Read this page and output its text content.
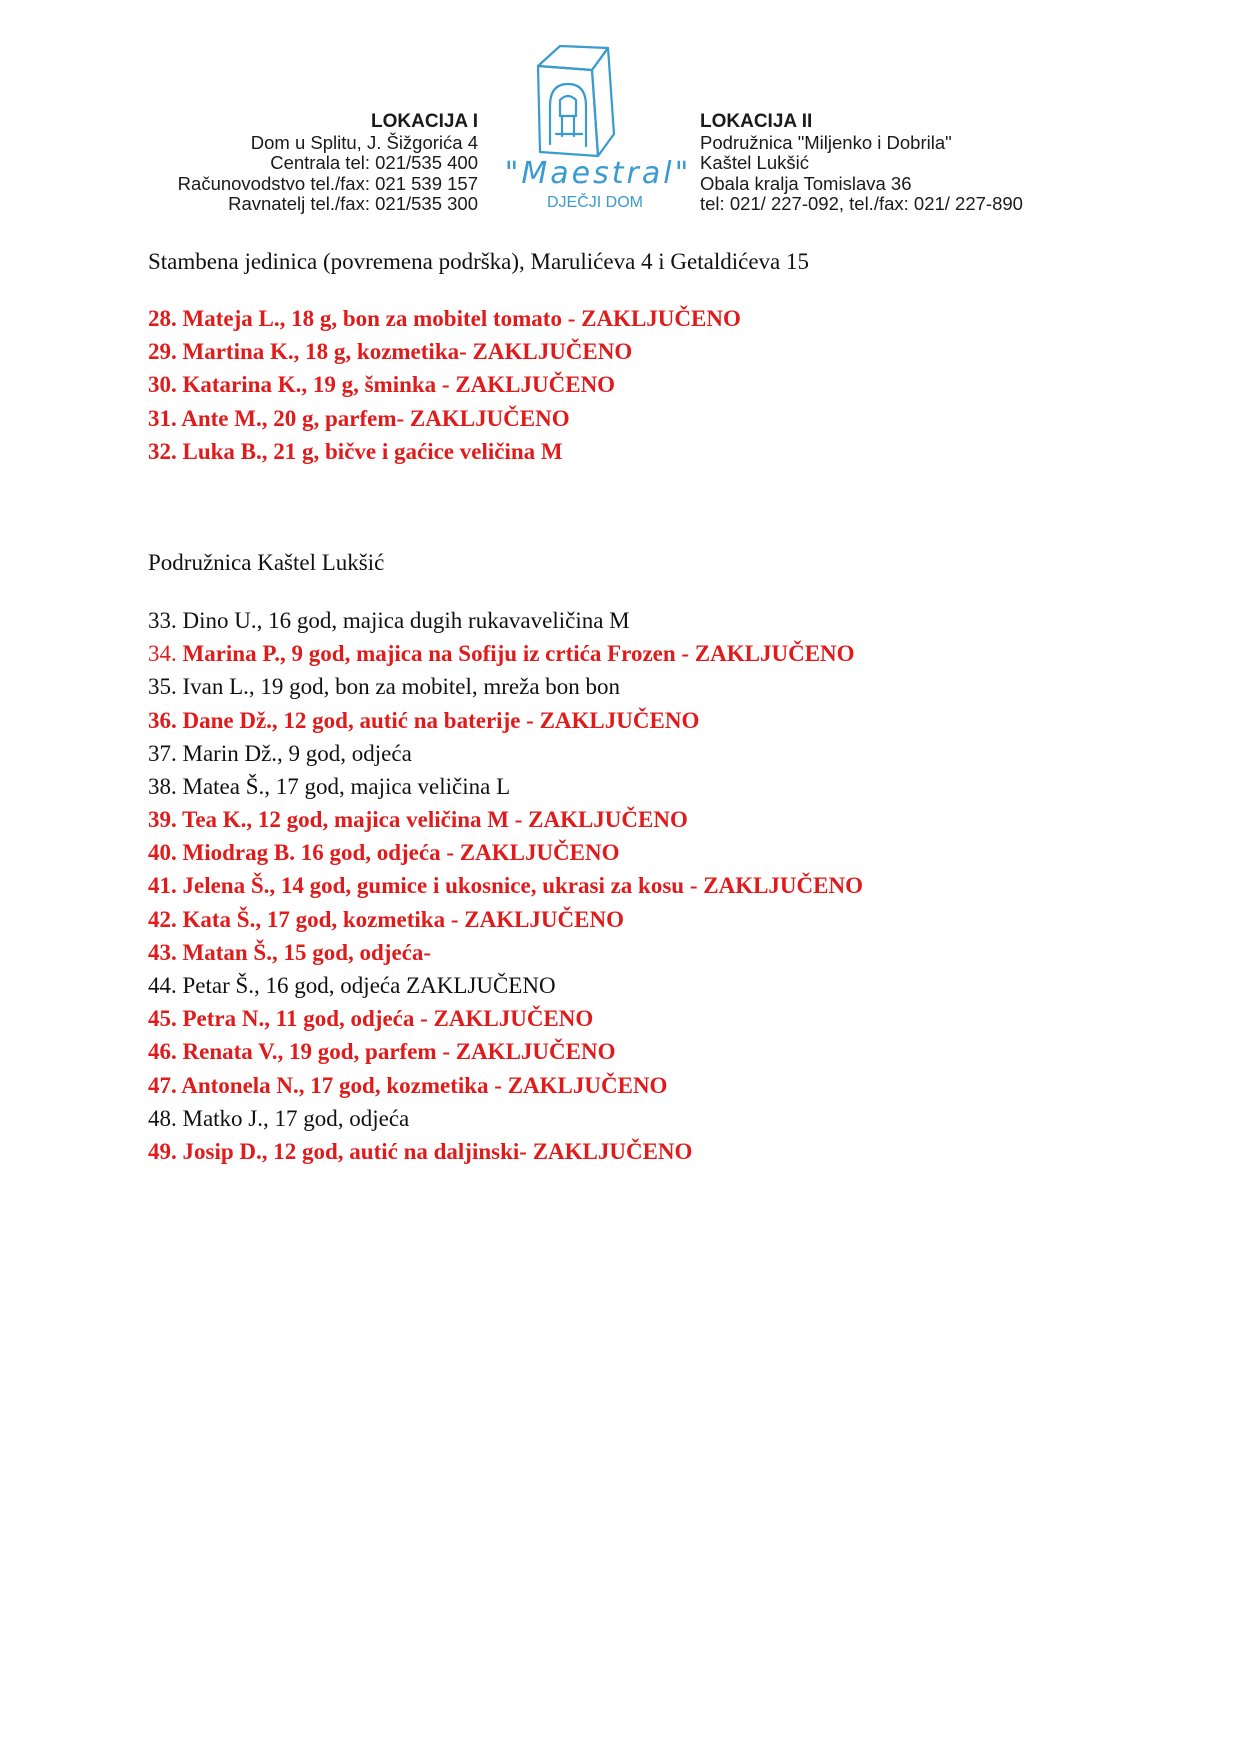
LOKACIJA I
Dom u Splitu, J. Šižgorića 4
Centrala tel: 021/535 400
Računovodstvo tel./fax: 021 539 157
Ravnatelj tel./fax: 021/535 300
"Maestral"
DJEČJI DOM
LOKACIJA II
Podružnica "Miljenko i Dobrila"
Kaštel Lukšić
Obala kralja Tomislava 36
tel: 021/ 227-092, tel./fax: 021/ 227-890

Stambena jedinica (povremena podrška), Marulićeva 4 i Getaldićeva 15

28. Mateja L., 18 g, bon za mobitel tomato - ZAKLJUČENO
29. Martina K., 18 g, kozmetika- ZAKLJUČENO
30. Katarina K., 19 g, šminka - ZAKLJUČENO
31. Ante M., 20 g, parfem- ZAKLJUČENO
32. Luka B., 21 g, bičve i gaćice veličina M

Podružnica Kaštel Lukšić

33. Dino U., 16 god, majica dugih rukavaveličina M
34. Marina P., 9 god, majica na Sofiju iz crtića Frozen - ZAKLJUČENO
35. Ivan L., 19 god, bon za mobitel, mreža bon bon
36. Dane Dž., 12 god, autić na baterije - ZAKLJUČENO
37. Marin Dž., 9 god, odjeća
38. Matea Š., 17 god, majica veličina L
39. Tea K., 12 god, majica veličina M - ZAKLJUČENO
40. Miodrag B. 16 god, odjeća - ZAKLJUČENO
41. Jelena Š., 14 god, gumice i ukosnice, ukrasi za kosu - ZAKLJUČENO
42. Kata Š., 17 god, kozmetika - ZAKLJUČENO
43. Matan Š., 15 god, odjeća-
44. Petar Š., 16 god, odjeća ZAKLJUČENO
45. Petra N., 11 god, odjeća - ZAKLJUČENO
46. Renata V., 19 god, parfem - ZAKLJUČENO
47. Antonela N., 17 god, kozmetika - ZAKLJUČENO
48. Matko J., 17 god, odjeća
49. Josip D., 12 god, autić na daljinski- ZAKLJUČENO
